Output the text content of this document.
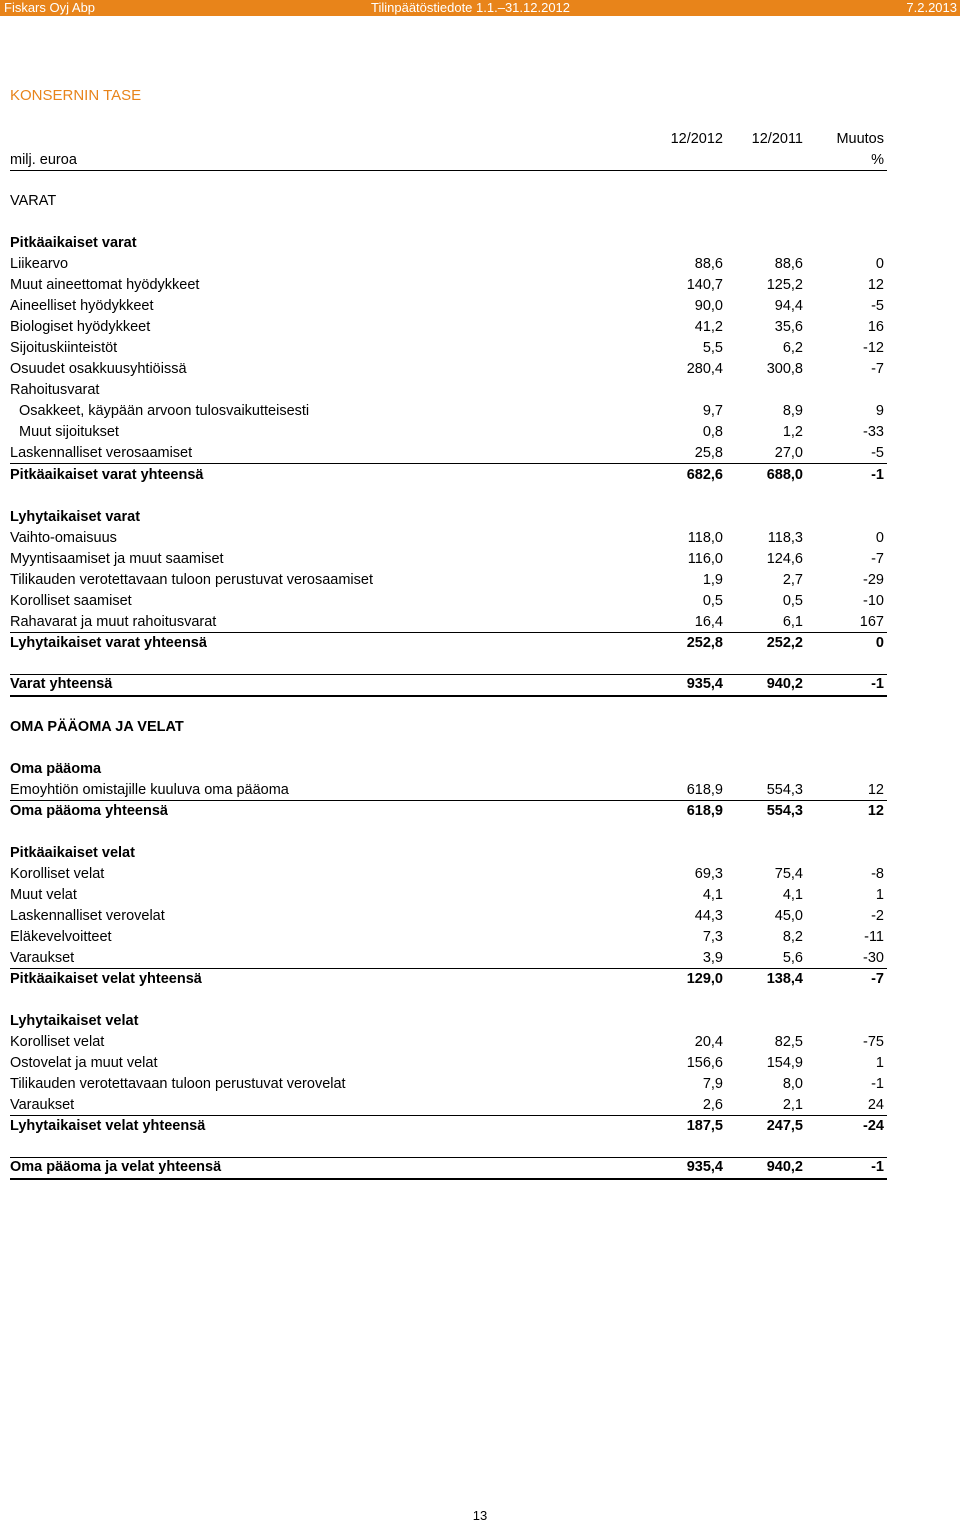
Fiskars Oyj Abp	Tilinpäätöstiedote 1.1.–31.12.2012	7.2.2013
KONSERNIN TASE
12/2012	12/2011	Muutos
milj. euroa	%
VARAT
Pitkäaikaiset varat
Liikearvo	88,6	88,6	0
Muut aineettomat hyödykkeet	140,7	125,2	12
Aineelliset hyödykkeet	90,0	94,4	-5
Biologiset hyödykkeet	41,2	35,6	16
Sijoituskiinteistöt	5,5	6,2	-12
Osuudet osakkuusyhtiöissä	280,4	300,8	-7
Rahoitusvarat
Osakkeet, käypään arvoon tulosvaikutteisesti	9,7	8,9	9
Muut sijoitukset	0,8	1,2	-33
Laskennalliset verosaamiset	25,8	27,0	-5
Pitkäaikaiset varat yhteensä	682,6	688,0	-1
Lyhytaikaiset varat
Vaihto-omaisuus	118,0	118,3	0
Myyntisaamiset ja muut saamiset	116,0	124,6	-7
Tilikauden verotettavaan tuloon perustuvat verosaamiset	1,9	2,7	-29
Korolliset saamiset	0,5	0,5	-10
Rahavarat ja muut rahoitusvarat	16,4	6,1	167
Lyhytaikaiset varat yhteensä	252,8	252,2	0
Varat yhteensä	935,4	940,2	-1
OMA PÄÄOMA JA VELAT
Oma pääoma
Emoyhtiön omistajille kuuluva oma pääoma	618,9	554,3	12
Oma pääoma yhteensä	618,9	554,3	12
Pitkäaikaiset velat
Korolliset velat	69,3	75,4	-8
Muut velat	4,1	4,1	1
Laskennalliset verovelat	44,3	45,0	-2
Eläkevelvoitteet	7,3	8,2	-11
Varaukset	3,9	5,6	-30
Pitkäaikaiset velat yhteensä	129,0	138,4	-7
Lyhytaikaiset velat
Korolliset velat	20,4	82,5	-75
Ostovelat ja muut velat	156,6	154,9	1
Tilikauden verotettavaan tuloon perustuvat verovelat	7,9	8,0	-1
Varaukset	2,6	2,1	24
Lyhytaikaiset velat yhteensä	187,5	247,5	-24
Oma pääoma ja velat yhteensä	935,4	940,2	-1
13
